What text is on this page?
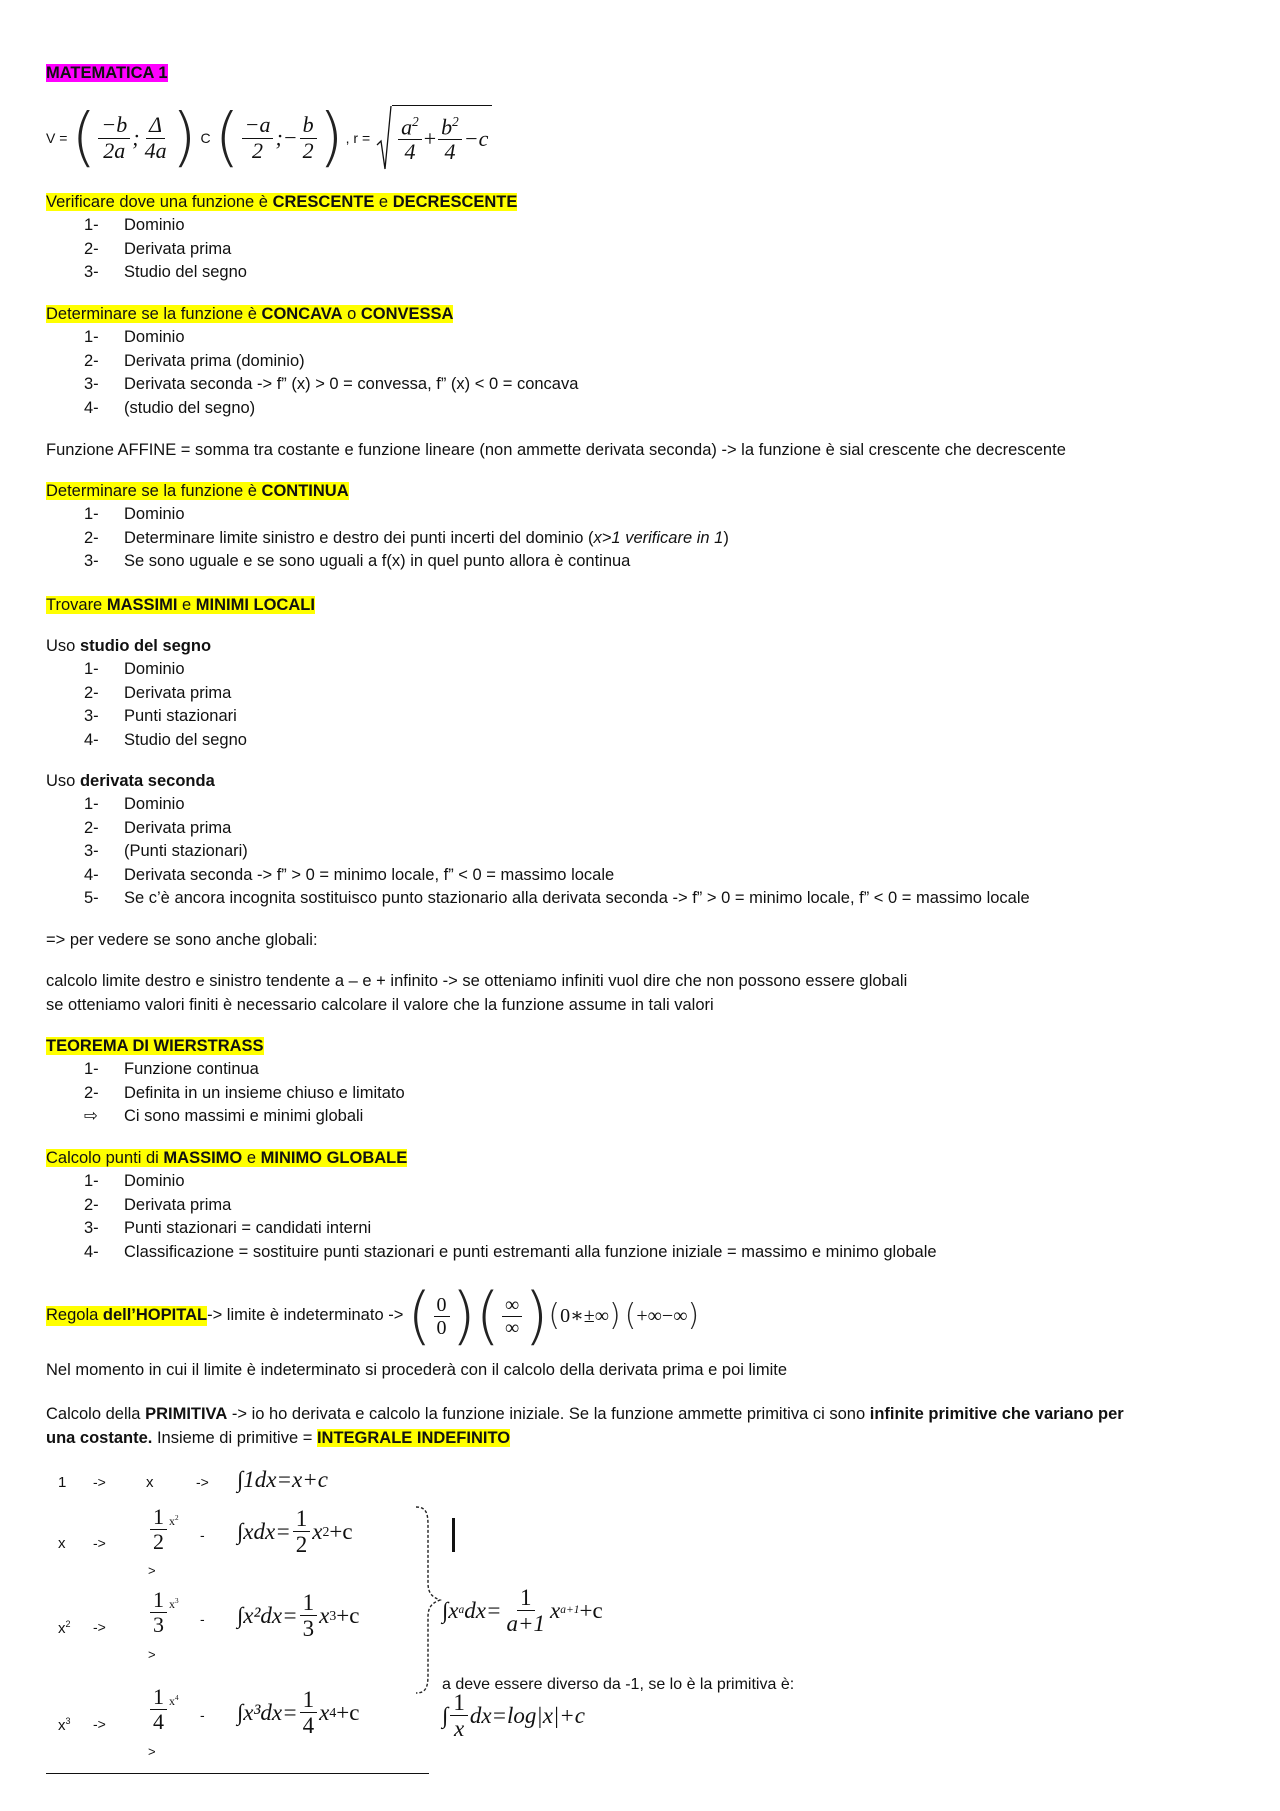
MATEMATICA 1
V = ( $\frac{-b}{2a}$ ; $\frac{\Delta}{4a}$ ) C ( $\frac{-a}{2}$ ;− $\frac{b}{2}$ ) , $r = \frac{a^2}{4} + \frac{b^2}{4} -c$
Verificare dove una funzione è CRESCENTE e DECRESCENTE
1- Dominio
2- Derivata prima
3- Studio del segno
Determinare se la funzione è CONCAVA o CONVESSA
1- Dominio
2- Derivata prima (dominio)
3- Derivata seconda -> f” (x) > 0 = convessa, f” (x) < 0 = concava
4- (studio del segno)
Funzione AFFINE = somma tra costante e funzione lineare (non ammette derivata seconda) -> la funzione è sial crescente che decrescente
Determinare se la funzione è CONTINUA
1- Dominio
2- Determinare limite sinistro e destro dei punti incerti del dominio (x>1 verificare in 1)
3- Se sono uguale e se sono uguali a f(x) in quel punto allora è continua
Trovare MASSIMI e MINIMI LOCALI
Uso studio del segno
1- Dominio
2- Derivata prima
3- Punti stazionari
4- Studio del segno
Uso derivata seconda
1- Dominio
2- Derivata prima
3- (Punti stazionari)
4- Derivata seconda -> f” > 0 = minimo locale, f” < 0 = massimo locale
5- Se c’è ancora incognita sostituisco punto stazionario alla derivata seconda -> f” > 0 = minimo locale, f” < 0 = massimo locale
=> per vedere se sono anche globali:
calcolo limite destro e sinistro tendente a – e + infinito -> se otteniamo infiniti vuol dire che non possono essere globali
se otteniamo valori finiti è necessario calcolare il valore che la funzione assume in tali valori
TEOREMA DI WIERSTRASS
1- Funzione continua
2- Definita in un insieme chiuso e limitato
⇨ Ci sono massimi e minimi globali
Calcolo punti di MASSIMO e MINIMO GLOBALE
1- Dominio
2- Derivata prima
3- Punti stazionari = candidati interni
4- Classificazione = sostituire punti stazionari e punti estremanti alla funzione iniziale = massimo e minimo globale
Regola dell’HOPITAL -> limite è indeterminato -> ( $\frac{0}{0}$ )( $\frac{\infty}{\infty}$ ) ( 0∗±∞ ) ( +∞−∞ )
Nel momento in cui il limite è indeterminato si procederà con il calcolo della derivata prima e poi limite
Calcolo della PRIMITIVA -> io ho derivata e calcolo la funzione iniziale. Se la funzione ammette primitiva ci sono infinite primitive che variano per
una costante. Insieme di primitive = INTEGRALE INDEFINITO
1 ->	x	-> ∫1dx=x+c
$x -> \frac{1}{2} ^{x^2}$
>
- $\int xdx= \frac{1}{2}$ x 2 +c
$x^2 -> \frac{1}{3} ^{x^3}$
>
- $\int x^2dx= \frac{1}{3}$ x 3 +c
$x^3 -> \frac{1}{4} ^{x^4}$
>
- $\int x^3dx= \frac{1}{4}$ x 4 +c
∫x a $dx= \frac{1}{a+1}$ x a+1 +c
a deve essere diverso da -1, se lo è la primitiva è:
∫ $\frac{1}{x} dx=\log|x|+c$
